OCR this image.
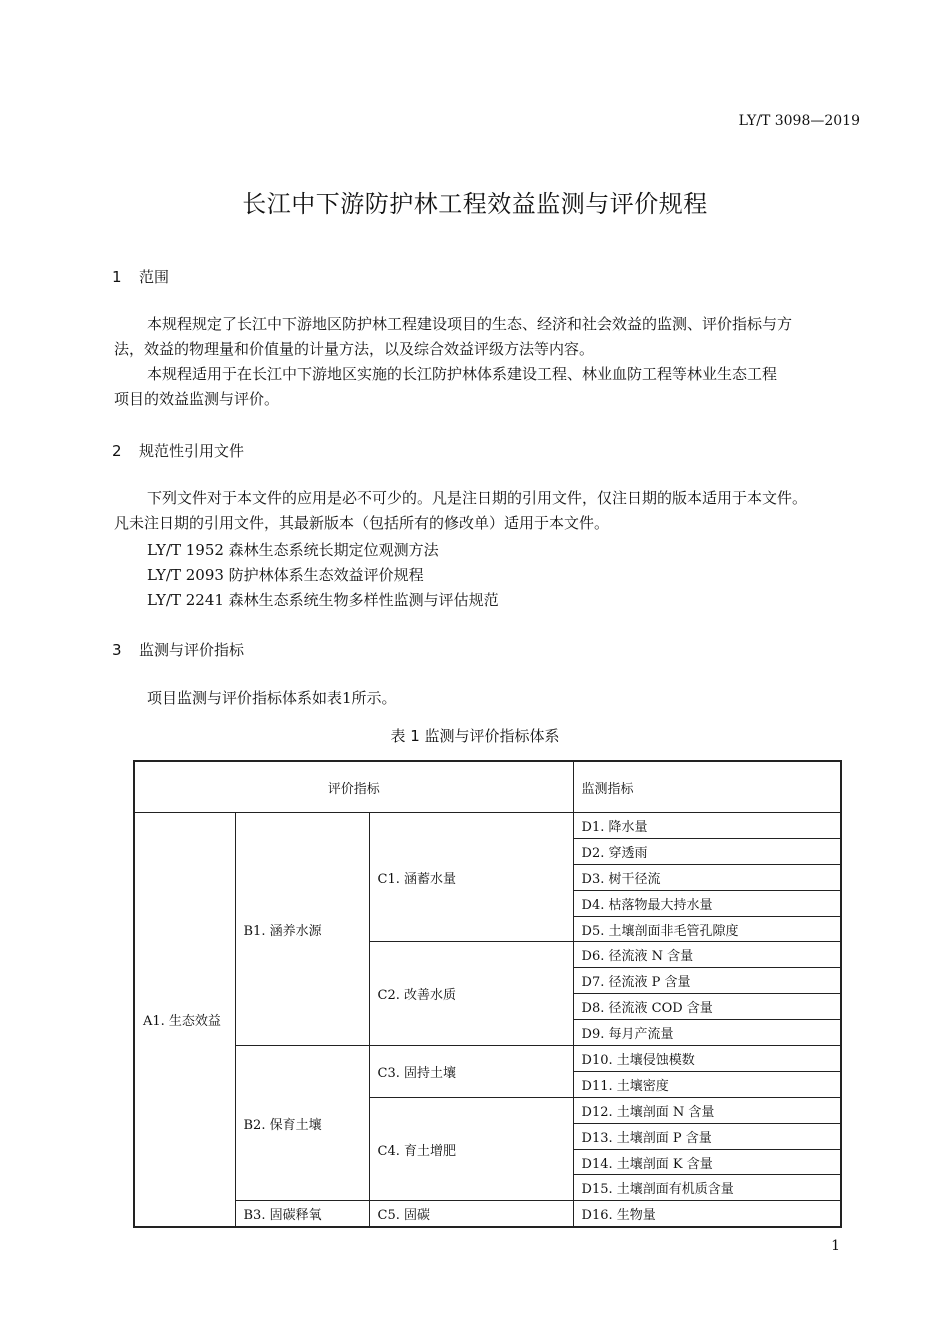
LY/T 3098—2019
长江中下游防护林工程效益监测与评价规程
1 范围
本规程规定了长江中下游地区防护林工程建设项目的生态、经济和社会效益的监测、评价指标与方
法，效益的物理量和价值量的计量方法，以及综合效益评级方法等内容。
本规程适用于在长江中下游地区实施的长江防护林体系建设工程、林业血防工程等林业生态工程
项目的效益监测与评价。
2 规范性引用文件
下列文件对于本文件的应用是必不可少的。凡是注日期的引用文件，仅注日期的版本适用于本文件。
凡未注日期的引用文件，其最新版本（包括所有的修改单）适用于本文件。
LY/T 1952 森林生态系统长期定位观测方法
LY/T 2093 防护林体系生态效益评价规程
LY/T 2241 森林生态系统生物多样性监测与评估规范
3 监测与评价指标
项目监测与评价指标体系如表1所示。
表 1 监测与评价指标体系
评价指标			监测指标
A1. 生态效益	B1. 涵养水源	C1. 涵蓄水量	D1. 降水量
			D2. 穿透雨
			D3. 树干径流
			D4. 枯落物最大持水量
			D5. 土壤剖面非毛管孔隙度
		C2. 改善水质	D6. 径流液 N 含量
			D7. 径流液 P 含量
			D8. 径流液 COD 含量
			D9. 每月产流量
	B2. 保育土壤	C3. 固持土壤	D10. 土壤侵蚀模数
			D11. 土壤密度
		C4. 育土增肥	D12. 土壤剖面 N 含量
			D13. 土壤剖面 P 含量
			D14. 土壤剖面 K 含量
			D15. 土壤剖面有机质含量
	B3. 固碳释氧	C5. 固碳	D16. 生物量
1
